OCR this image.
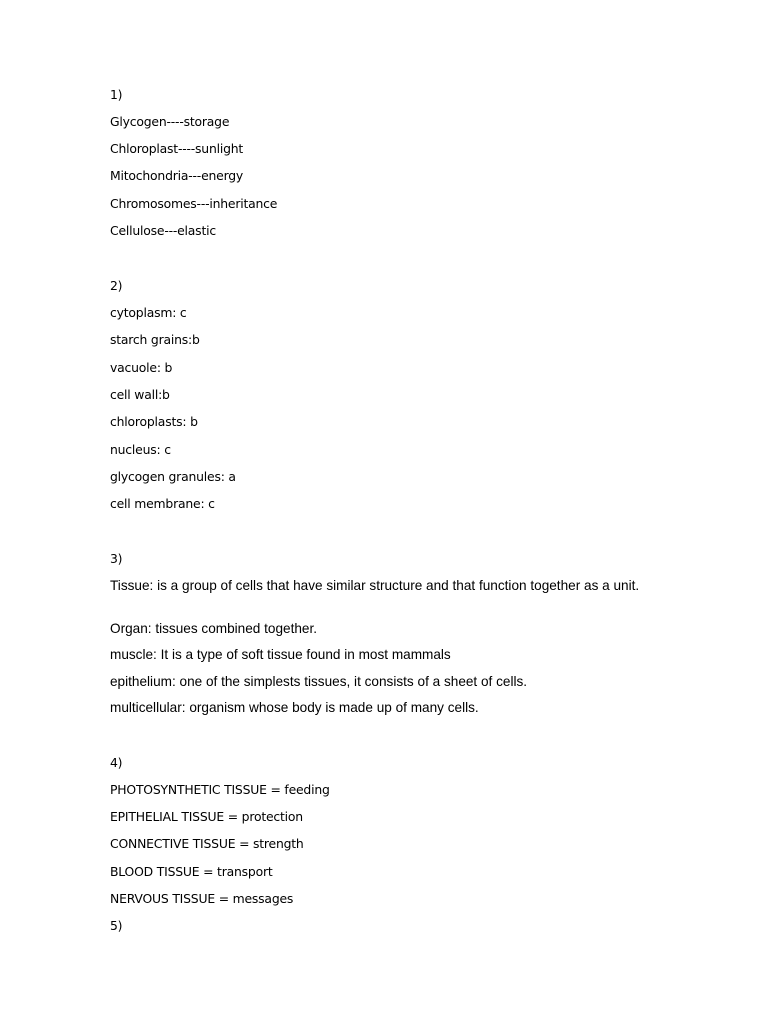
1)

Glycogen----storage

Chloroplast----sunlight

Mitochondria---energy

Chromosomes---inheritance

Cellulose---elastic

2)

cytoplasm: c

starch grains:b

vacuole: b

cell wall:b

chloroplasts: b

nucleus: c

glycogen granules: a

cell membrane: c

3)

Tissue: is a group of cells that have similar structure and that function together as a unit.

Organ: tissues combined together.

muscle: It is a type of soft tissue found in most mammals

epithelium: one of the simplests tissues, it consists of a sheet of cells.

multicellular: organism whose body is made up of many cells.

4)

PHOTOSYNTHETIC TISSUE = feeding

EPITHELIAL TISSUE = protection

CONNECTIVE TISSUE = strength

BLOOD TISSUE = transport

NERVOUS TISSUE = messages

5)
